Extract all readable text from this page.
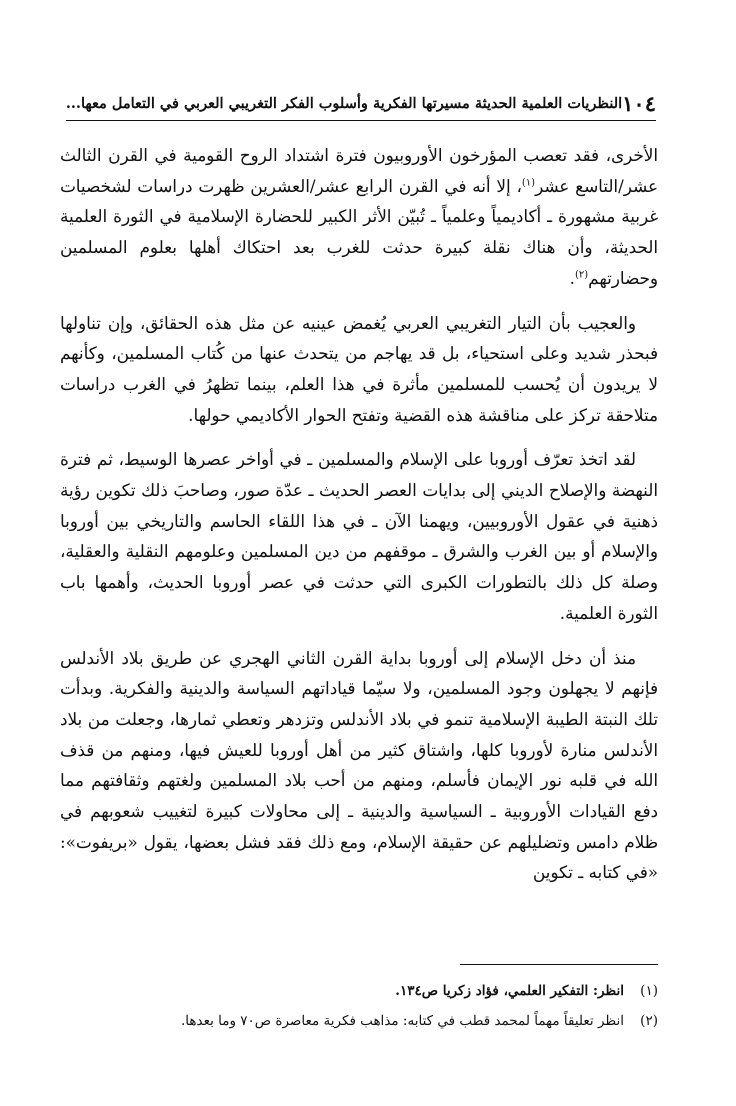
١٠٤
النظريات العلمية الحديثة مسيرتها الفكرية وأسلوب الفكر التغريبي العربي في التعامل معها...

الأخرى، فقد تعصب المؤرخون الأوروبيون فترة اشتداد الروح القومية في القرن الثالث عشر/التاسع عشر$^{(١)}$، إلا أنه في القرن الرابع عشر/العشرين ظهرت دراسات لشخصيات غربية مشهورة ـ أكاديمياً وعلمياً ـ تُبيّن الأثر الكبير للحضارة الإسلامية في الثورة العلمية الحديثة، وأن هناك نقلة كبيرة حدثت للغرب بعد احتكاك أهلها بعلوم المسلمين وحضارتهم$^{(٢)}$.

والعجيب بأن التيار التغريبي العربي يُغمض عينيه عن مثل هذه الحقائق، وإن تناولها فبحذر شديد وعلى استحياء، بل قد يهاجم من يتحدث عنها من كُتاب المسلمين، وكأنهم لا يريدون أن يُحسب للمسلمين مأثرة في هذا العلم، بينما تظهرُ في الغرب دراسات متلاحقة تركز على مناقشة هذه القضية وتفتح الحوار الأكاديمي حولها.

لقد اتخذ تعرّف أوروبا على الإسلام والمسلمين ـ في أواخر عصرها الوسيط، ثم فترة النهضة والإصلاح الديني إلى بدايات العصر الحديث ـ عدّة صور، وصاحبَ ذلك تكوين رؤية ذهنية في عقول الأوروبيين، ويهمنا الآن ـ في هذا اللقاء الحاسم والتاريخي بين أوروبا والإسلام أو بين الغرب والشرق ـ موقفهم من دين المسلمين وعلومهم النقلية والعقلية، وصلة كل ذلك بالتطورات الكبرى التي حدثت في عصر أوروبا الحديث، وأهمها باب الثورة العلمية.

منذ أن دخل الإسلام إلى أوروبا بداية القرن الثاني الهجري عن طريق بلاد الأندلس فإنهم لا يجهلون وجود المسلمين، ولا سيّما قياداتهم السياسة والدينية والفكرية. وبدأت تلك النبتة الطيبة الإسلامية تنمو في بلاد الأندلس وتزدهر وتعطي ثمارها، وجعلت من بلاد الأندلس منارة لأوروبا كلها، واشتاق كثير من أهل أوروبا للعيش فيها، ومنهم من قذف الله في قلبه نور الإيمان فأسلم، ومنهم من أحب بلاد المسلمين ولغتهم وثقافتهم مما دفع القيادات الأوروبية ـ السياسية والدينية ـ إلى محاولات كبيرة لتغييب شعوبهم في ظلام دامس وتضليلهم عن حقيقة الإسلام، ومع ذلك فقد فشل بعضها، يقول «بريفوت»: «في كتابه ـ تكوين

(١)
انظر: التفكير العلمي، فؤاد زكريا ص١٣٤.
(٢)
انظر تعليقاً مهماً لمحمد قطب في كتابه: مذاهب فكرية معاصرة ص٧٠ وما بعدها.
